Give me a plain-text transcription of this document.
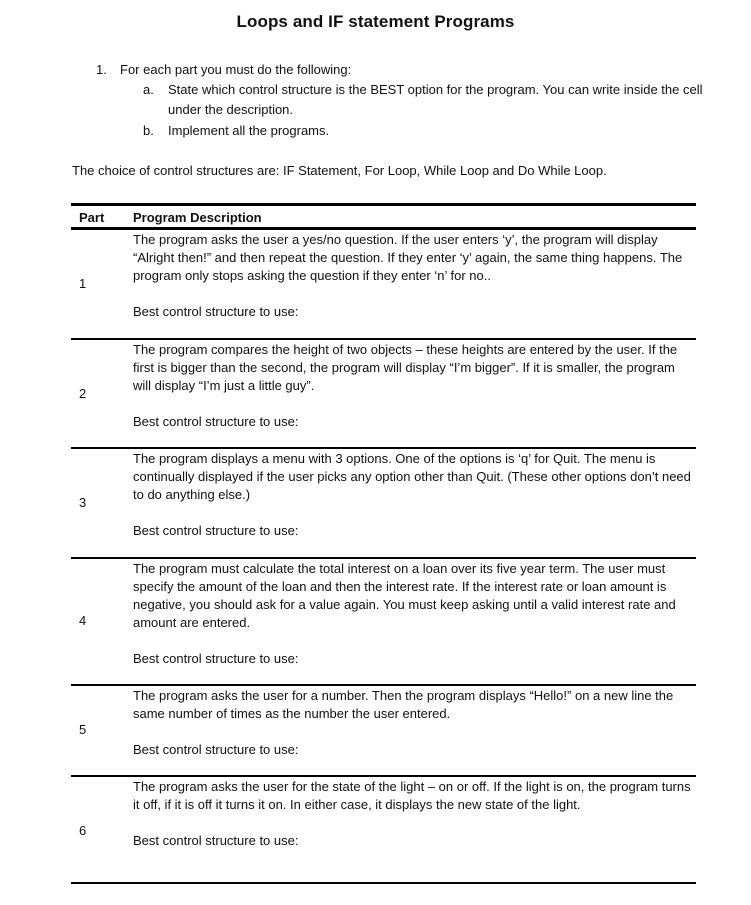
Loops and IF statement Programs
1. For each part you must do the following:
a. State which control structure is the BEST option for the program. You can write inside the cell under the description.
b. Implement all the programs.
The choice of control structures are: IF Statement, For Loop, While Loop and Do While Loop.
Part Program Description
1
The program asks the user a yes/no question. If the user enters ‘y’, the program will display “Alright then!” and then repeat the question. If they enter ‘y’ again, the same thing happens. The program only stops asking the question if they enter ‘n’ for no..
Best control structure to use:
2
The program compares the height of two objects – these heights are entered by the user. If the first is bigger than the second, the program will display “I’m bigger”. If it is smaller, the program will display “I’m just a little guy”.
Best control structure to use:
3
The program displays a menu with 3 options. One of the options is ‘q’ for Quit. The menu is continually displayed if the user picks any option other than Quit. (These other options don’t need to do anything else.)
Best control structure to use:
4
The program must calculate the total interest on a loan over its five year term. The user must specify the amount of the loan and then the interest rate. If the interest rate or loan amount is negative, you should ask for a value again. You must keep asking until a valid interest rate and amount are entered.
Best control structure to use:
5
The program asks the user for a number. Then the program displays “Hello!” on a new line the same number of times as the number the user entered.
Best control structure to use:
6
The program asks the user for the state of the light – on or off. If the light is on, the program turns it off, if it is off it turns it on. In either case, it displays the new state of the light.
Best control structure to use:
